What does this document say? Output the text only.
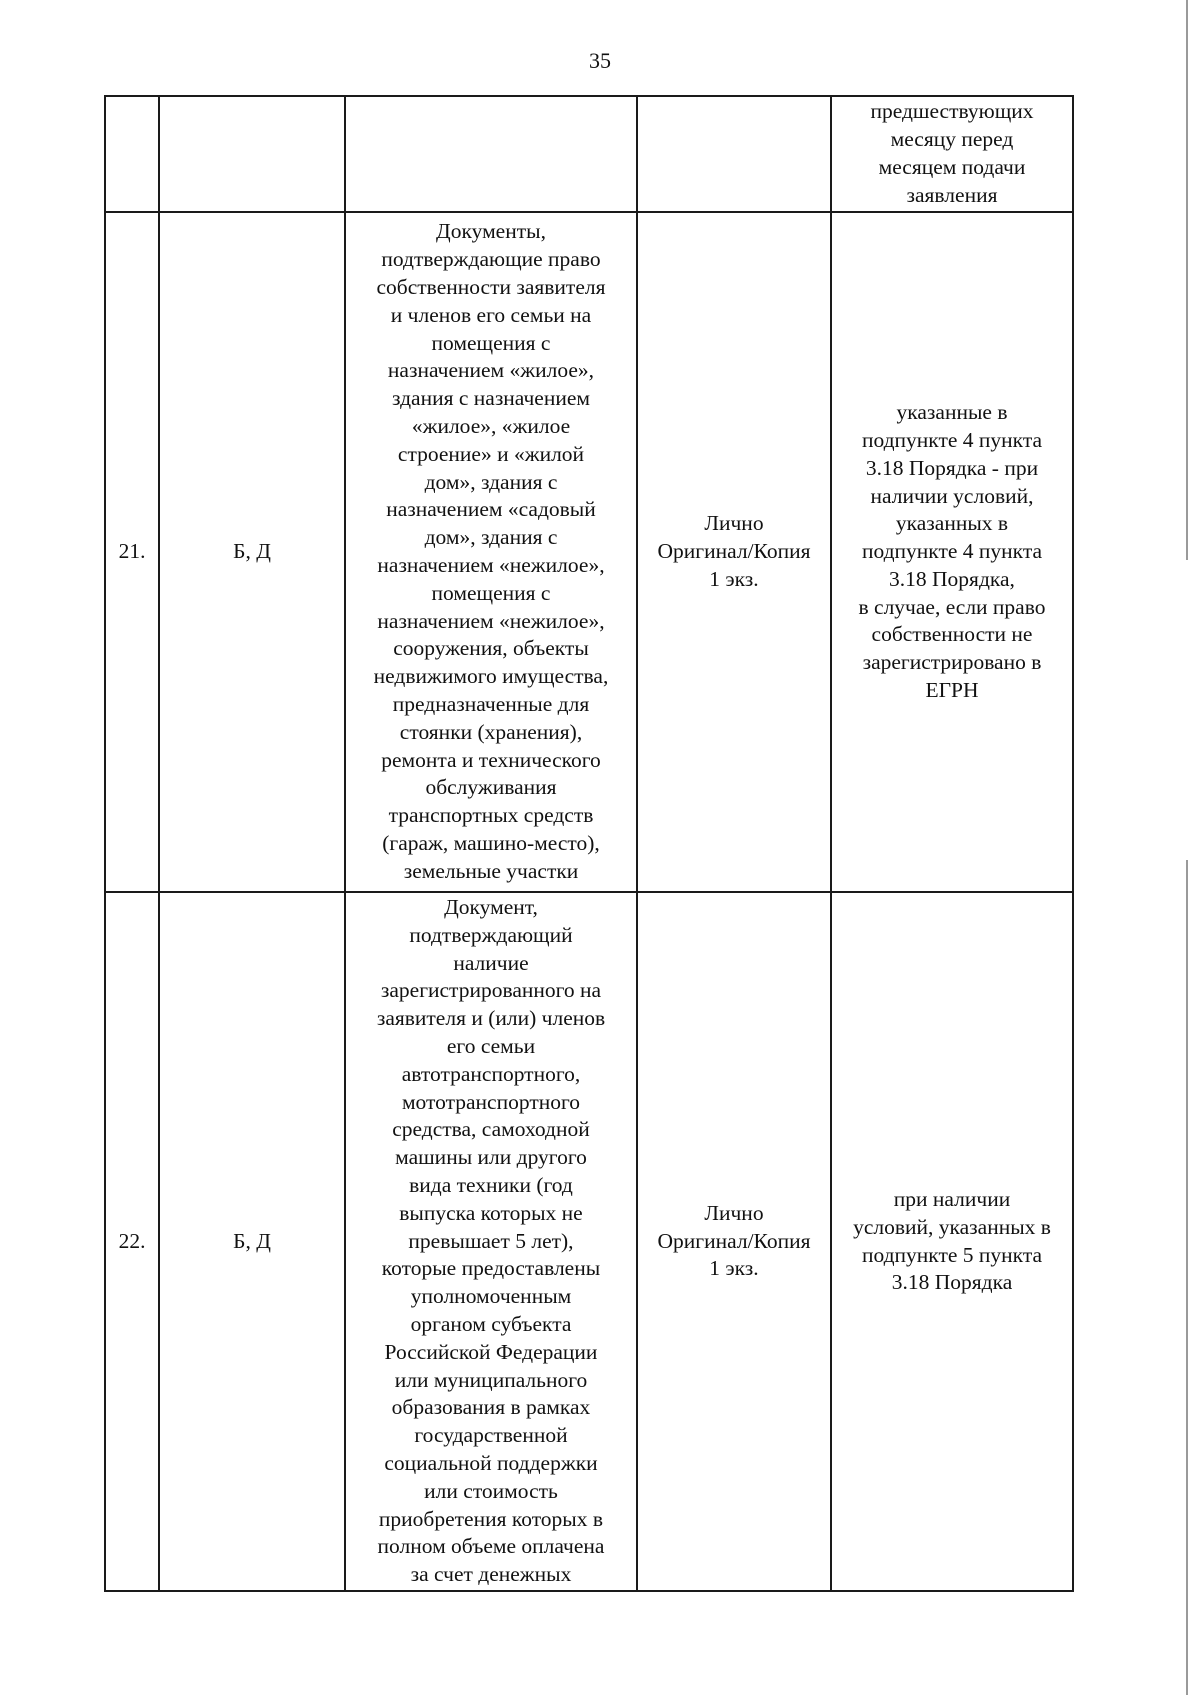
35
предшествующих
месяцу перед
месяцем подачи
заявления
21.	Б, Д
Документы,
подтверждающие право
собственности заявителя
и членов его семьи на
помещения с
назначением «жилое»,
здания с назначением
«жилое», «жилое
строение» и «жилой
дом», здания с
назначением «садовый
дом», здания с
назначением «нежилое»,
помещения с
назначением «нежилое»,
сооружения, объекты
недвижимого имущества,
предназначенные для
стоянки (хранения),
ремонта и технического
обслуживания
транспортных средств
(гараж, машино-место),
земельные участки
Лично
Оригинал/Копия
1 экз.
указанные в
подпункте 4 пункта
3.18 Порядка - при
наличии условий,
указанных в
подпункте 4 пункта
3.18 Порядка,
в случае, если право
собственности не
зарегистрировано в
ЕГРН
22.	Б, Д
Документ,
подтверждающий
наличие
зарегистрированного на
заявителя и (или) членов
его семьи
автотранспортного,
мототранспортного
средства, самоходной
машины или другого
вида техники (год
выпуска которых не
превышает 5 лет),
которые предоставлены
уполномоченным
органом субъекта
Российской Федерации
или муниципального
образования в рамках
государственной
социальной поддержки
или стоимость
приобретения которых в
полном объеме оплачена
за счет денежных
Лично
Оригинал/Копия
1 экз.
при наличии
условий, указанных в
подпункте 5 пункта
3.18 Порядка
